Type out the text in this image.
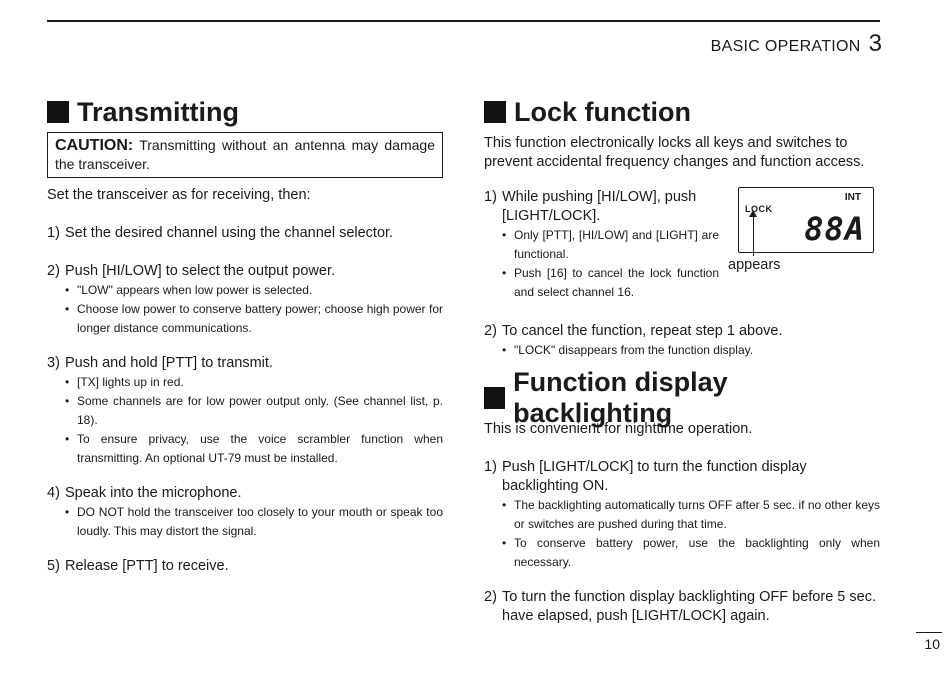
BASIC OPERATION 3
Transmitting
CAUTION: Transmitting without an antenna may damage the transceiver.
Set the transceiver as for receiving, then:
1) Set the desired channel using the channel selector.
2) Push [HI/LOW] to select the output power.
• "LOW" appears when low power is selected.
• Choose low power to conserve battery power; choose high power for longer distance communications.
3) Push and hold [PTT] to transmit.
• [TX] lights up in red.
• Some channels are for low power output only. (See channel list, p. 18).
• To ensure privacy, use the voice scrambler function when transmitting. An optional UT-79 must be installed.
4) Speak into the microphone.
• DO NOT hold the transceiver too closely to your mouth or speak too loudly. This may distort the signal.
5) Release [PTT] to receive.
Lock function
This function electronically locks all keys and switches to prevent accidental frequency changes and function access.
1) While pushing [HI/LOW], push [LIGHT/LOCK].
• Only [PTT], [HI/LOW] and [LIGHT] are functional.
• Push [16] to cancel the lock function and select channel 16.
INT
LOCK
88A
appears
2) To cancel the function, repeat step 1 above.
• "LOCK" disappears from the function display.
Function display backlighting
This is convenient for nighttime operation.
1) Push [LIGHT/LOCK] to turn the function display backlighting ON.
• The backlighting automatically turns OFF after 5 sec. if no other keys or switches are pushed during that time.
• To conserve battery power, use the backlighting only when necessary.
2) To turn the function display backlighting OFF before 5 sec. have elapsed, push [LIGHT/LOCK] again.
10
